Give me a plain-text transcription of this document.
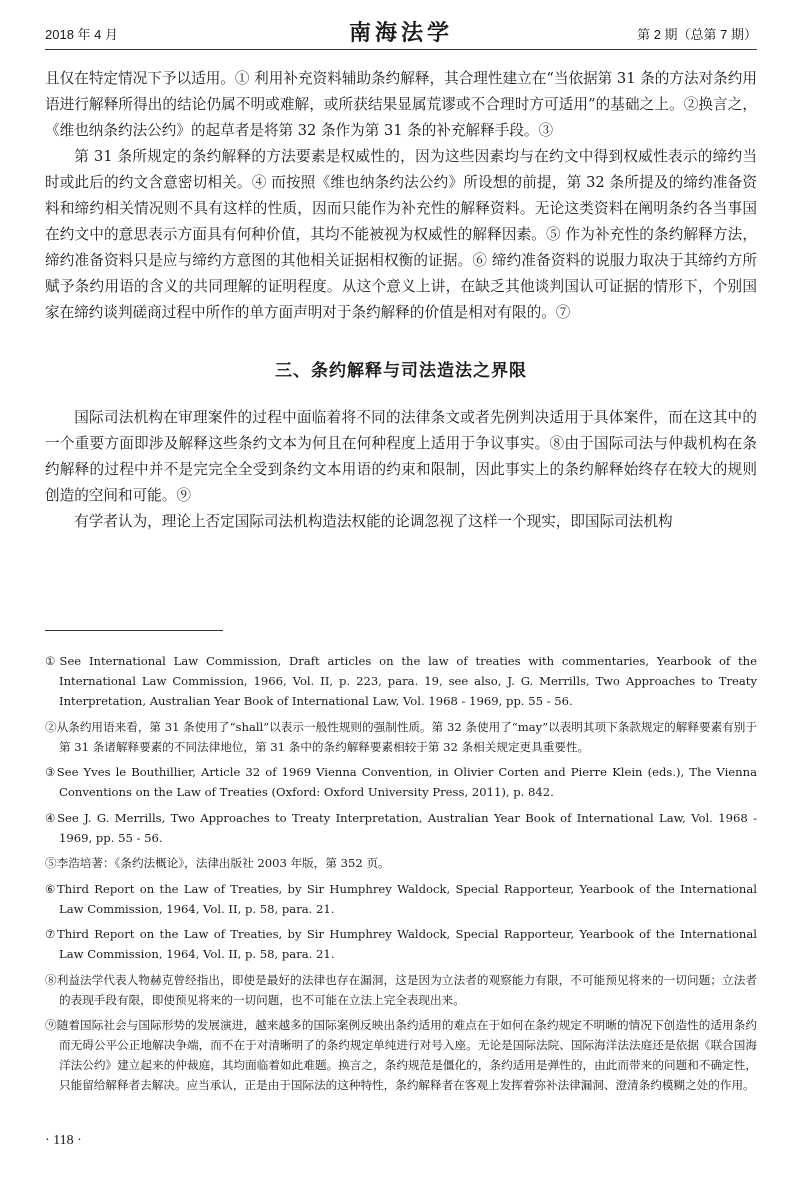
2018 年 4 月	南海法学	第 2 期（总第 7 期）

且仅在特定情况下予以适用。① 利用补充资料辅助条约解释，其合理性建立在“当依据第 31 条的方法对条约用语进行解释所得出的结论仍属不明或难解，或所获结果显属荒谬或不合理时方可适用”的基础之上。②换言之，《维也纳条约法公约》的起草者是将第 32 条作为第 31 条的补充解释手段。③

第 31 条所规定的条约解释的方法要素是权威性的，因为这些因素均与在约文中得到权威性表示的缔约当时或此后的约文含意密切相关。④ 而按照《维也纳条约法公约》所设想的前提，第 32 条所提及的缔约准备资料和缔约相关情况则不具有这样的性质，因而只能作为补充性的解释资料。无论这类资料在阐明条约各当事国在约文中的意思表示方面具有何种价值，其均不能被视为权威性的解释因素。⑤ 作为补充性的条约解释方法，缔约准备资料只是应与缔约方意图的其他相关证据相权衡的证据。⑥ 缔约准备资料的说服力取决于其缔约方所赋予条约用语的含义的共同理解的证明程度。从这个意义上讲，在缺乏其他谈判国认可证据的情形下，个别国家在缔约谈判磋商过程中所作的单方面声明对于条约解释的价值是相对有限的。⑦

三、条约解释与司法造法之界限

国际司法机构在审理案件的过程中面临着将不同的法律条文或者先例判决适用于具体案件，而在这其中的一个重要方面即涉及解释这些条约文本为何且在何种程度上适用于争议事实。⑧由于国际司法与仲裁机构在条约解释的过程中并不是完完全全受到条约文本用语的约束和限制，因此事实上的条约解释始终存在较大的规则创造的空间和可能。⑨

有学者认为，理论上否定国际司法机构造法权能的论调忽视了这样一个现实，即国际司法机构

①See International Law Commission, Draft articles on the law of treaties with commentaries, Yearbook of the International Law Commission, 1966, Vol. II, p. 223, para. 19, see also, J. G. Merrills, Two Approaches to Treaty Interpretation, Australian Year Book of International Law, Vol. 1968 - 1969, pp. 55 - 56.

②从条约用语来看，第 31 条使用了“shall”以表示一般性规则的强制性质。第 32 条使用了“may”以表明其项下条款规定的解释要素有别于第 31 条诸解释要素的不同法律地位，第 31 条中的条约解释要素相较于第 32 条相关规定更具重要性。

③See Yves le Bouthillier, Article 32 of 1969 Vienna Convention, in Olivier Corten and Pierre Klein (eds.), The Vienna Conventions on the Law of Treaties (Oxford: Oxford University Press, 2011), p. 842.

④See J. G. Merrills, Two Approaches to Treaty Interpretation, Australian Year Book of International Law, Vol. 1968 - 1969, pp. 55 - 56.

⑤李浩培著：《条约法概论》，法律出版社 2003 年版，第 352 页。

⑥Third Report on the Law of Treaties, by Sir Humphrey Waldock, Special Rapporteur, Yearbook of the International Law Commission, 1964, Vol. II, p. 58, para. 21.

⑦Third Report on the Law of Treaties, by Sir Humphrey Waldock, Special Rapporteur, Yearbook of the International Law Commission, 1964, Vol. II, p. 58, para. 21.

⑧利益法学代表人物赫克曾经指出，即使是最好的法律也存在漏洞，这是因为立法者的观察能力有限，不可能预见将来的一切问题；立法者的表现手段有限，即使预见将来的一切问题，也不可能在立法上完全表现出来。

⑨随着国际社会与国际形势的发展演进，越来越多的国际案例反映出条约适用的难点在于如何在条约规定不明晰的情况下创造性的适用条约而无碍公平公正地解决争端，而不在于对清晰明了的条约规定单纯进行对号入座。无论是国际法院、国际海洋法法庭还是依据《联合国海洋法公约》建立起来的仲裁庭，其均面临着如此难题。换言之，条约规范是僵化的，条约适用是弹性的，由此而带来的问题和不确定性，只能留给解释者去解决。应当承认，正是由于国际法的这种特性，条约解释者在客观上发挥着弥补法律漏洞、澄清条约模糊之处的作用。

· 118 ·
